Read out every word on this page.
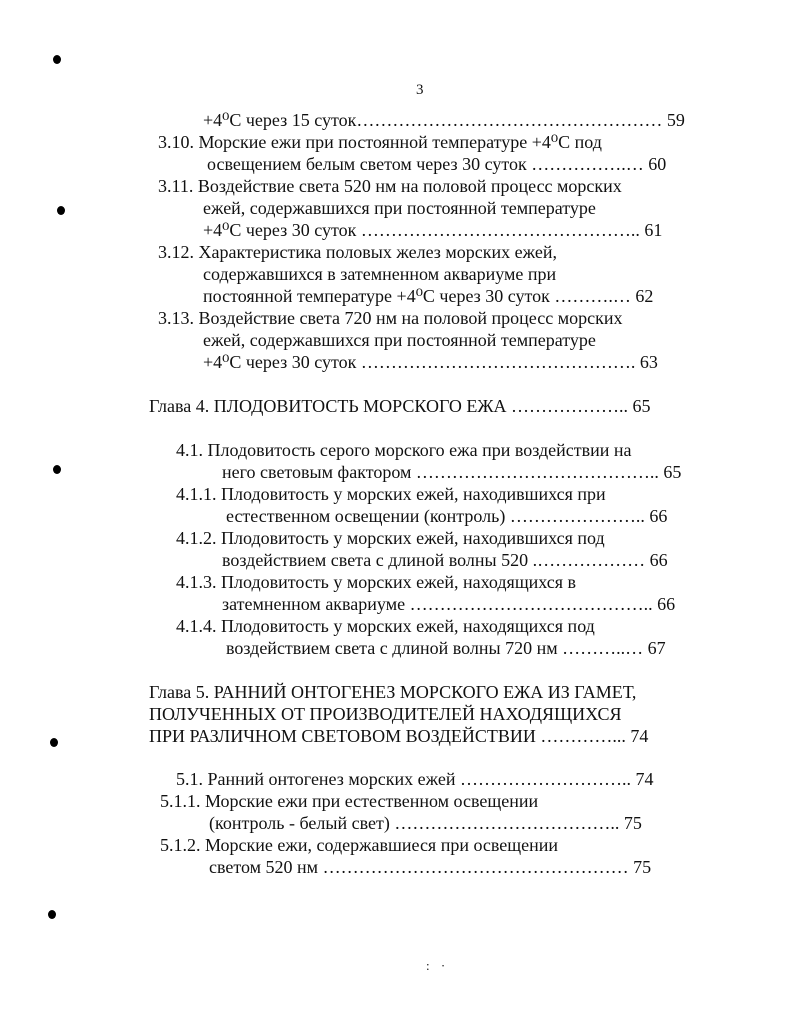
3
+4⁰С через 15 суток…………………………………………… 59
3.10. Морские ежи при постоянной температуре +4⁰С под
освещением белым светом через 30 суток …………….… 60
3.11. Воздействие света 520 нм на половой процесс морских
ежей, содержавшихся при постоянной температуре
+4⁰С через 30 суток ……………………………………….. 61
3.12. Характеристика половых желез морских ежей,
содержавшихся в затемненном аквариуме при
постоянной температуре +4⁰С через 30 суток ……….… 62
3.13. Воздействие света 720 нм на половой процесс морских
ежей, содержавшихся при постоянной температуре
+4⁰С через 30 суток ………………………………………. 63
Глава 4. ПЛОДОВИТОСТЬ МОРСКОГО ЕЖА ……………….. 65
4.1. Плодовитость серого морского ежа при воздействии на
него световым фактором ………………………………….. 65
4.1.1. Плодовитость у морских ежей, находившихся при
естественном освещении (контроль) ………………….. 66
4.1.2. Плодовитость у морских ежей, находившихся под
воздействием света с длиной волны 520 .……………… 66
4.1.3. Плодовитость у морских ежей, находящихся в
затемненном аквариуме ………………………………….. 66
4.1.4. Плодовитость у морских ежей, находящихся под
воздействием света с длиной волны 720 нм ………..… 67
Глава 5. РАННИЙ ОНТОГЕНЕЗ МОРСКОГО ЕЖА ИЗ ГАМЕТ,
ПОЛУЧЕННЫХ ОТ ПРОИЗВОДИТЕЛЕЙ НАХОДЯЩИХСЯ
ПРИ РАЗЛИЧНОМ СВЕТОВОМ ВОЗДЕЙСТВИИ …………... 74
5.1. Ранний онтогенез морских ежей ……………………….. 74
5.1.1. Морские ежи при естественном освещении
(контроль - белый свет) ……………………………….. 75
5.1.2. Морские ежи, содержавшиеся при освещении
светом 520 нм …………………………………………… 75
: ·
